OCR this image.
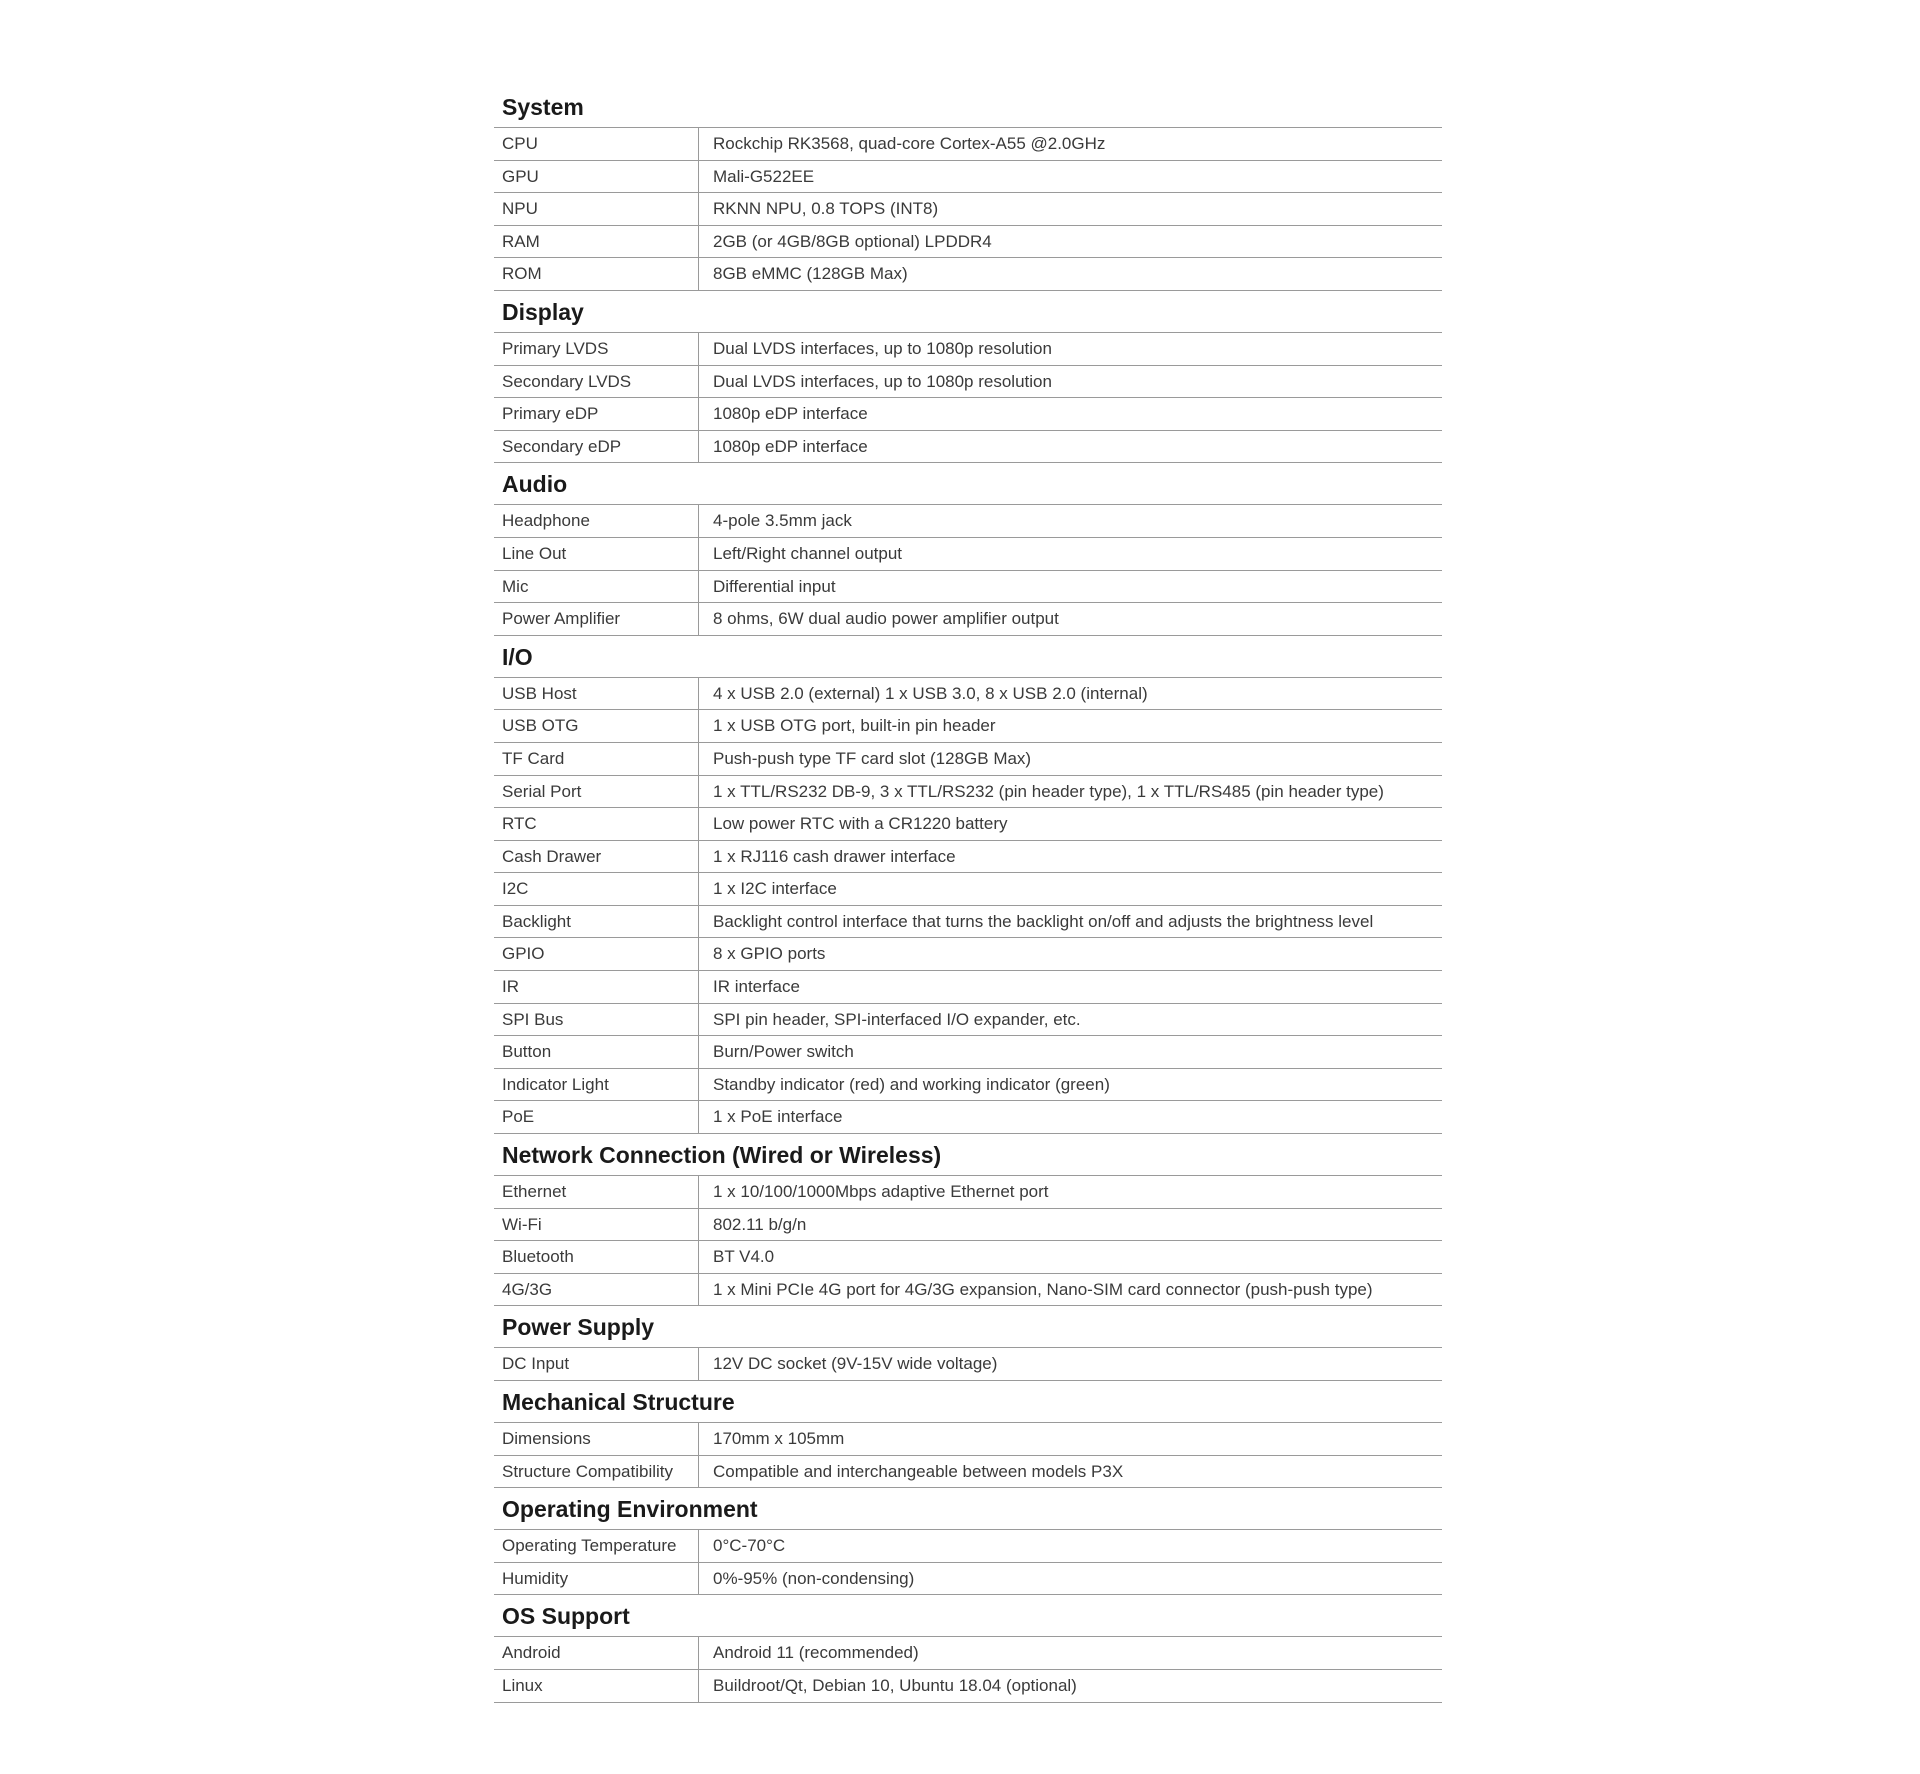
System
CPU	Rockchip RK3568, quad-core Cortex-A55 @2.0GHz
GPU	Mali-G522EE
NPU	RKNN NPU, 0.8 TOPS (INT8)
RAM	2GB (or 4GB/8GB optional) LPDDR4
ROM	8GB eMMC (128GB Max)
Display
Primary LVDS	Dual LVDS interfaces, up to 1080p resolution
Secondary LVDS	Dual LVDS interfaces, up to 1080p resolution
Primary eDP	1080p eDP interface
Secondary eDP	1080p eDP interface
Audio
Headphone	4-pole 3.5mm jack
Line Out	Left/Right channel output
Mic	Differential input
Power Amplifier	8 ohms, 6W dual audio power amplifier output
I/O
USB Host	4 x USB 2.0 (external) 1 x USB 3.0, 8 x USB 2.0 (internal)
USB OTG	1 x USB OTG port, built-in pin header
TF Card	Push-push type TF card slot (128GB Max)
Serial Port	1 x TTL/RS232 DB-9, 3 x TTL/RS232 (pin header type), 1 x TTL/RS485 (pin header type)
RTC	Low power RTC with a CR1220 battery
Cash Drawer	1 x RJ116 cash drawer interface
I2C	1 x I2C interface
Backlight	Backlight control interface that turns the backlight on/off and adjusts the brightness level
GPIO	8 x GPIO ports
IR	IR interface
SPI Bus	SPI pin header, SPI-interfaced I/O expander, etc.
Button	Burn/Power switch
Indicator Light	Standby indicator (red) and working indicator (green)
PoE	1 x PoE interface
Network Connection (Wired or Wireless)
Ethernet	1 x 10/100/1000Mbps adaptive Ethernet port
Wi-Fi	802.11 b/g/n
Bluetooth	BT V4.0
4G/3G	1 x Mini PCIe 4G port for 4G/3G expansion, Nano-SIM card connector (push-push type)
Power Supply
DC Input	12V DC socket (9V-15V wide voltage)
Mechanical Structure
Dimensions	170mm x 105mm
Structure Compatibility	Compatible and interchangeable between models P3X
Operating Environment
Operating Temperature	0°C-70°C
Humidity	0%-95% (non-condensing)
OS Support
Android	Android 11 (recommended)
Linux	Buildroot/Qt, Debian 10, Ubuntu 18.04 (optional)
